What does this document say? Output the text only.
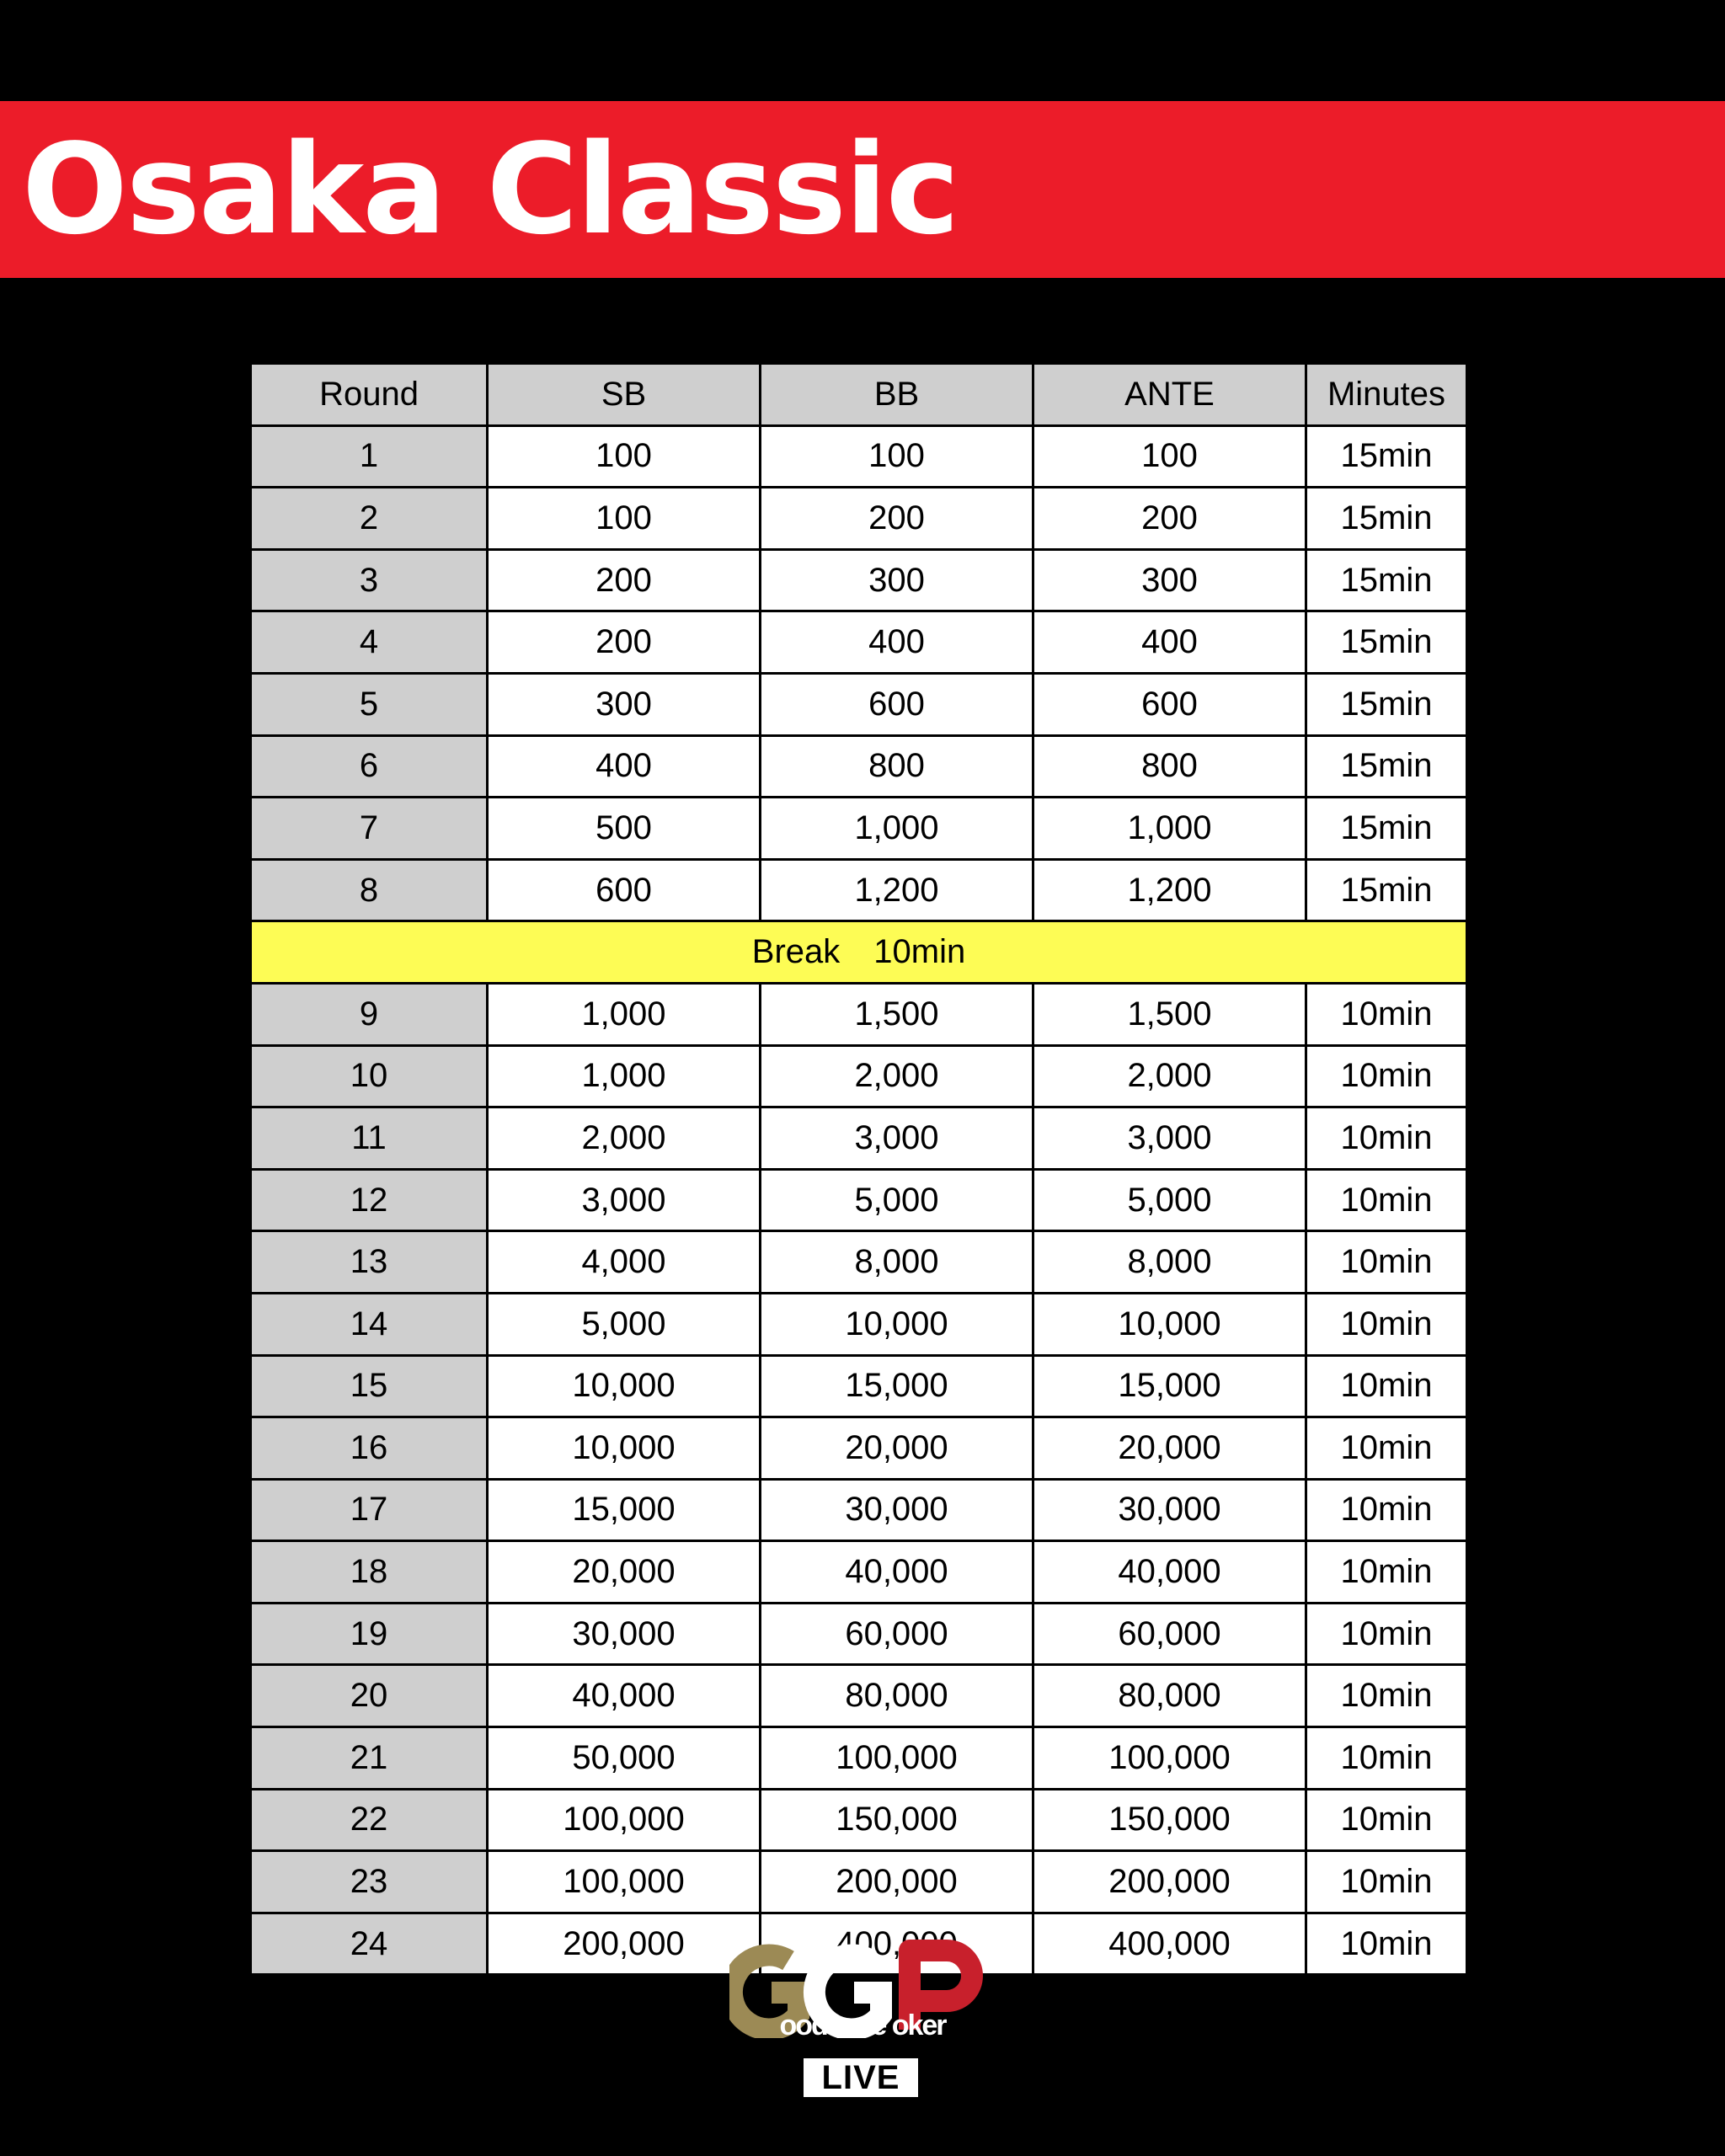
Osaka Classic
Round	SB	BB	ANTE	Minutes
1	100	100	100	15min
2	100	200	200	15min
3	200	300	300	15min
4	200	400	400	15min
5	300	600	600	15min
6	400	800	800	15min
7	500	1,000	1,000	15min
8	600	1,200	1,200	15min
Break 10min				
9	1,000	1,500	1,500	10min
10	1,000	2,000	2,000	10min
11	2,000	3,000	3,000	10min
12	3,000	5,000	5,000	10min
13	4,000	8,000	8,000	10min
14	5,000	10,000	10,000	10min
15	10,000	15,000	15,000	10min
16	10,000	20,000	20,000	10min
17	15,000	30,000	30,000	10min
18	20,000	40,000	40,000	10min
19	30,000	60,000	60,000	10min
20	40,000	80,000	80,000	10min
21	50,000	100,000	100,000	10min
22	100,000	150,000	150,000	10min
23	100,000	200,000	200,000	10min
24	200,000	400,000	400,000	10min
ood ame oker
LIVE
